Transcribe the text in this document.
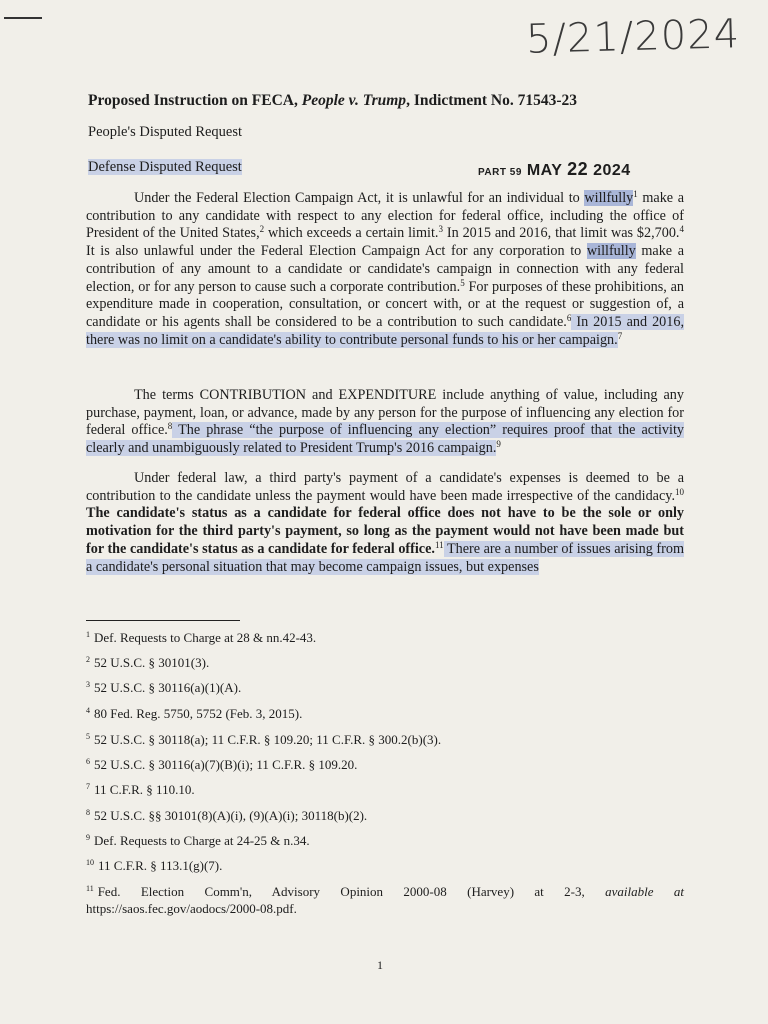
5/21/2024
Proposed Instruction on FECA, People v. Trump, Indictment No. 71543-23
People's Disputed Request
Defense Disputed Request	PART 59 MAY 22 2024

Under the Federal Election Campaign Act, it is unlawful for an individual to willfully$^1$ make a contribution to any candidate with respect to any election for federal office, including the office of President of the United States,$^2$ which exceeds a certain limit.$^3$ In 2015 and 2016, that limit was $2,700.$^4$ It is also unlawful under the Federal Election Campaign Act for any corporation to willfully make a contribution of any amount to a candidate or candidate's campaign in connection with any federal election, or for any person to cause such a corporate contribution.$^5$ For purposes of these prohibitions, an expenditure made in cooperation, consultation, or concert with, or at the request or suggestion of, a candidate or his agents shall be considered to be a contribution to such candidate.$^6$ In 2015 and 2016, there was no limit on a candidate's ability to contribute personal funds to his or her campaign.$^7$

The terms CONTRIBUTION and EXPENDITURE include anything of value, including any purchase, payment, loan, or advance, made by any person for the purpose of influencing any election for federal office.$^8$ The phrase “the purpose of influencing any election” requires proof that the activity clearly and unambiguously related to President Trump's 2016 campaign.$^9$

Under federal law, a third party's payment of a candidate's expenses is deemed to be a contribution to the candidate unless the payment would have been made irrespective of the candidacy.$^{10}$ The candidate's status as a candidate for federal office does not have to be the sole or only motivation for the third party's payment, so long as the payment would not have been made but for the candidate's status as a candidate for federal office.$^{11}$ There are a number of issues arising from a candidate's personal situation that may become campaign issues, but expenses

$^1$ Def. Requests to Charge at 28 & nn.42-43.
$^2$ 52 U.S.C. § 30101(3).
$^3$ 52 U.S.C. § 30116(a)(1)(A).
$^4$ 80 Fed. Reg. 5750, 5752 (Feb. 3, 2015).
$^5$ 52 U.S.C. § 30118(a); 11 C.F.R. § 109.20; 11 C.F.R. § 300.2(b)(3).
$^6$ 52 U.S.C. § 30116(a)(7)(B)(i); 11 C.F.R. § 109.20.
$^7$ 11 C.F.R. § 110.10.
$^8$ 52 U.S.C. §§ 30101(8)(A)(i), (9)(A)(i); 30118(b)(2).
$^9$ Def. Requests to Charge at 24-25 & n.34.
$^{10}$ 11 C.F.R. § 113.1(g)(7).
$^{11}$ Fed. Election Comm'n, Advisory Opinion 2000-08 (Harvey) at 2-3, available at https://saos.fec.gov/aodocs/2000-08.pdf.
1
